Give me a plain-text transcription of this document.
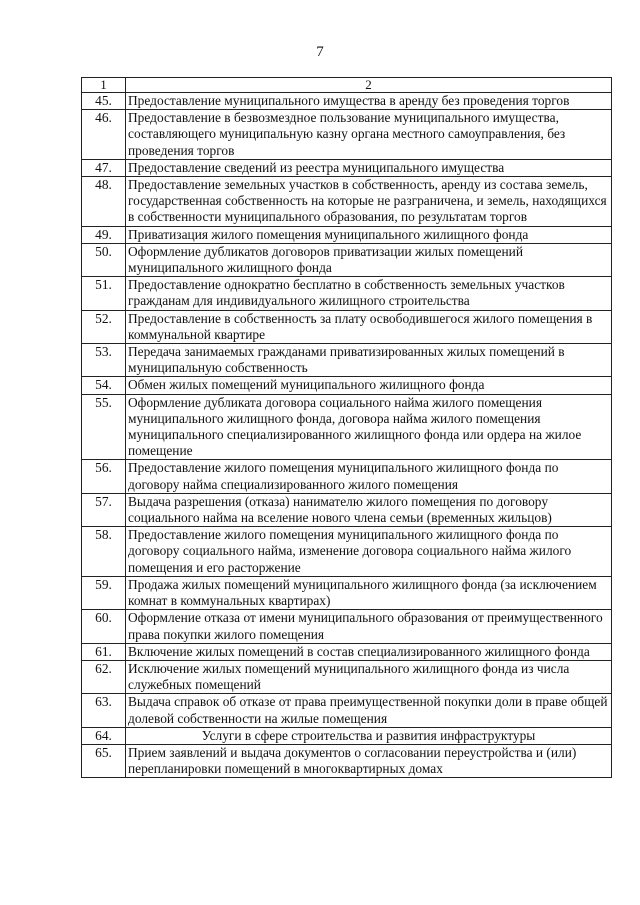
7
1	2
45.	Предоставление муниципального имущества в аренду без проведения торгов
46.	Предоставление в безвозмездное пользование муниципального имущества, составляющего муниципальную казну органа местного самоуправления, без проведения торгов
47.	Предоставление сведений из реестра муниципального имущества
48.	Предоставление земельных участков в собственность, аренду из состава земель, государственная собственность на которые не разграничена, и земель, находящихся в собственности муниципального образования, по результатам торгов
49.	Приватизация жилого помещения муниципального жилищного фонда
50.	Оформление дубликатов договоров приватизации жилых помещений муниципального жилищного фонда
51.	Предоставление однократно бесплатно в собственность земельных участков гражданам для индивидуального жилищного строительства
52.	Предоставление в собственность за плату освободившегося жилого помещения в коммунальной квартире
53.	Передача занимаемых гражданами приватизированных жилых помещений в муниципальную собственность
54.	Обмен жилых помещений муниципального жилищного фонда
55.	Оформление дубликата договора социального найма жилого помещения муниципального жилищного фонда, договора найма жилого помещения муниципального специализированного жилищного фонда или ордера на жилое помещение
56.	Предоставление жилого помещения муниципального жилищного фонда по договору найма специализированного жилого помещения
57.	Выдача разрешения (отказа) нанимателю жилого помещения по договору социального найма на вселение нового члена семьи (временных жильцов)
58.	Предоставление жилого помещения муниципального жилищного фонда по договору социального найма, изменение договора социального найма жилого помещения и его расторжение
59.	Продажа жилых помещений муниципального жилищного фонда (за исключением комнат в коммунальных квартирах)
60.	Оформление отказа от имени муниципального образования от преимущественного права покупки жилого помещения
61.	Включение жилых помещений в состав специализированного жилищного фонда
62.	Исключение жилых помещений муниципального жилищного фонда из числа служебных помещений
63.	Выдача справок об отказе от права преимущественной покупки доли в праве общей долевой собственности на жилые помещения
64.	Услуги в сфере строительства и развития инфраструктуры
65.	Прием заявлений и выдача документов о согласовании переустройства и (или) перепланировки помещений в многоквартирных домах
